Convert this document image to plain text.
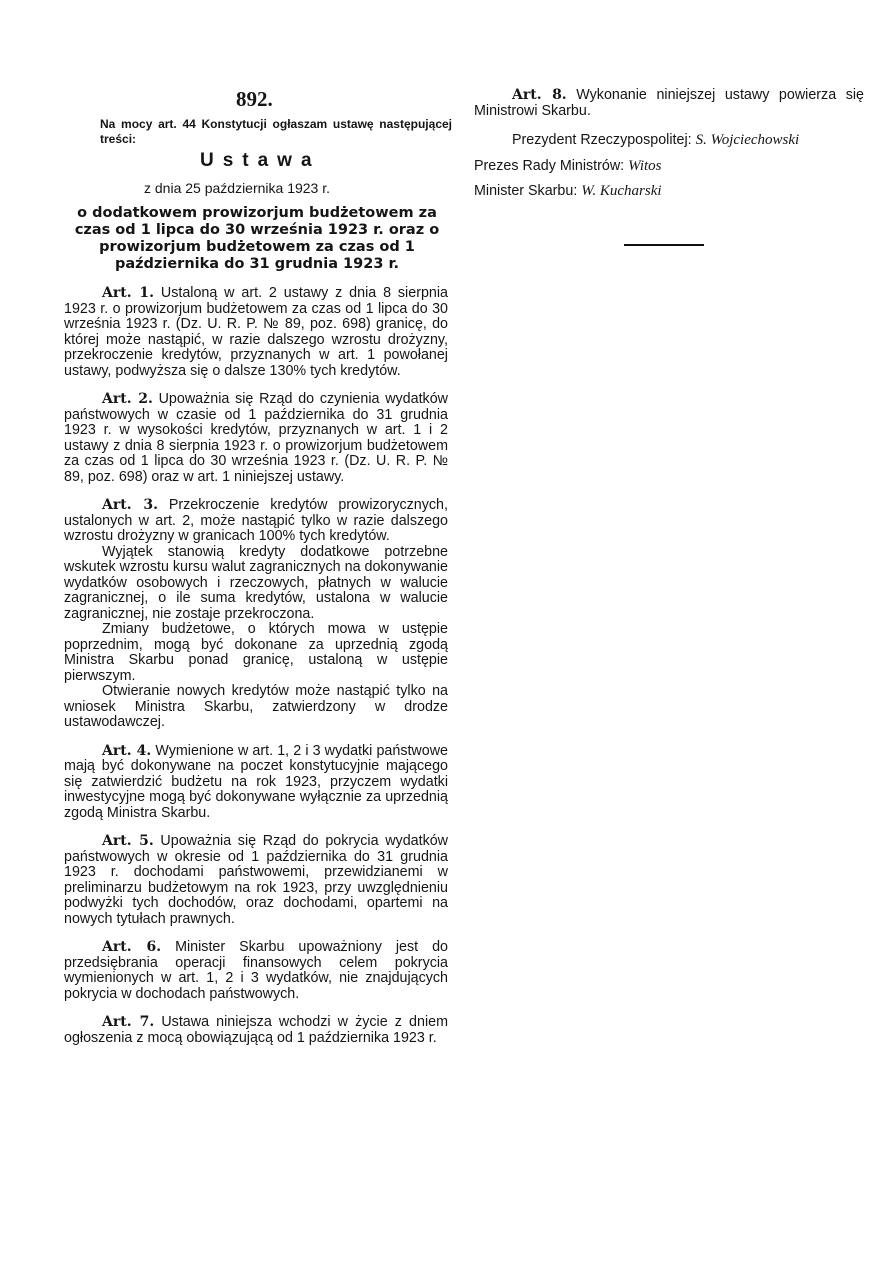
892.

Na mocy art. 44 Konstytucji ogłaszam ustawę następującej treści:

Ustawa

z dnia 25 października 1923 r.

o dodatkowem prowizorjum budżetowem za czas od 1 lipca do 30 września 1923 r. oraz o prowizorjum budżetowem za czas od 1 października do 31 grudnia 1923 r.

Art. 1. Ustaloną w art. 2 ustawy z dnia 8 sierpnia 1923 r. o prowizorjum budżetowem za czas od 1 lipca do 30 września 1923 r. (Dz. U. R. P. № 89, poz. 698) granicę, do której może nastąpić, w razie dalszego wzrostu drożyzny, przekroczenie kredytów, przyznanych w art. 1 powołanej ustawy, podwyższa się o dalsze 130% tych kredytów.

Art. 2. Upoważnia się Rząd do czynienia wydatków państwowych w czasie od 1 października do 31 grudnia 1923 r. w wysokości kredytów, przyznanych w art. 1 i 2 ustawy z dnia 8 sierpnia 1923 r. o prowizorjum budżetowem za czas od 1 lipca do 30 września 1923 r. (Dz. U. R. P. № 89, poz. 698) oraz w art. 1 niniejszej ustawy.

Art. 3. Przekroczenie kredytów prowizorycznych, ustalonych w art. 2, może nastąpić tylko w razie dalszego wzrostu drożyzny w granicach 100% tych kredytów.

Wyjątek stanowią kredyty dodatkowe potrzebne wskutek wzrostu kursu walut zagranicznych na dokonywanie wydatków osobowych i rzeczowych, płatnych w walucie zagranicznej, o ile suma kredytów, ustalona w walucie zagranicznej, nie zostaje przekroczona.

Zmiany budżetowe, o których mowa w ustępie poprzednim, mogą być dokonane za uprzednią zgodą Ministra Skarbu ponad granicę, ustaloną w ustępie pierwszym.

Otwieranie nowych kredytów może nastąpić tylko na wniosek Ministra Skarbu, zatwierdzony w drodze ustawodawczej.

Art. 4. Wymienione w art. 1, 2 i 3 wydatki państwowe mają być dokonywane na poczet konstytucyjnie mającego się zatwierdzić budżetu na rok 1923, przyczem wydatki inwestycyjne mogą być dokonywane wyłącznie za uprzednią zgodą Ministra Skarbu.

Art. 5. Upoważnia się Rząd do pokrycia wydatków państwowych w okresie od 1 października do 31 grudnia 1923 r. dochodami państwowemi, przewidzianemi w preliminarzu budżetowym na rok 1923, przy uwzględnieniu podwyżki tych dochodów, oraz dochodami, opartemi na nowych tytułach prawnych.

Art. 6. Minister Skarbu upoważniony jest do przedsiębrania operacji finansowych celem pokrycia wymienionych w art. 1, 2 i 3 wydatków, nie znajdujących pokrycia w dochodach państwowych.

Art. 7. Ustawa niniejsza wchodzi w życie z dniem ogłoszenia z mocą obowiązującą od 1 października 1923 r.

Art. 8. Wykonanie niniejszej ustawy powierza się Ministrowi Skarbu.

Prezydent Rzeczypospolitej: S. Wojciechowski

Prezes Rady Ministrów: Witos

Minister Skarbu: W. Kucharski
